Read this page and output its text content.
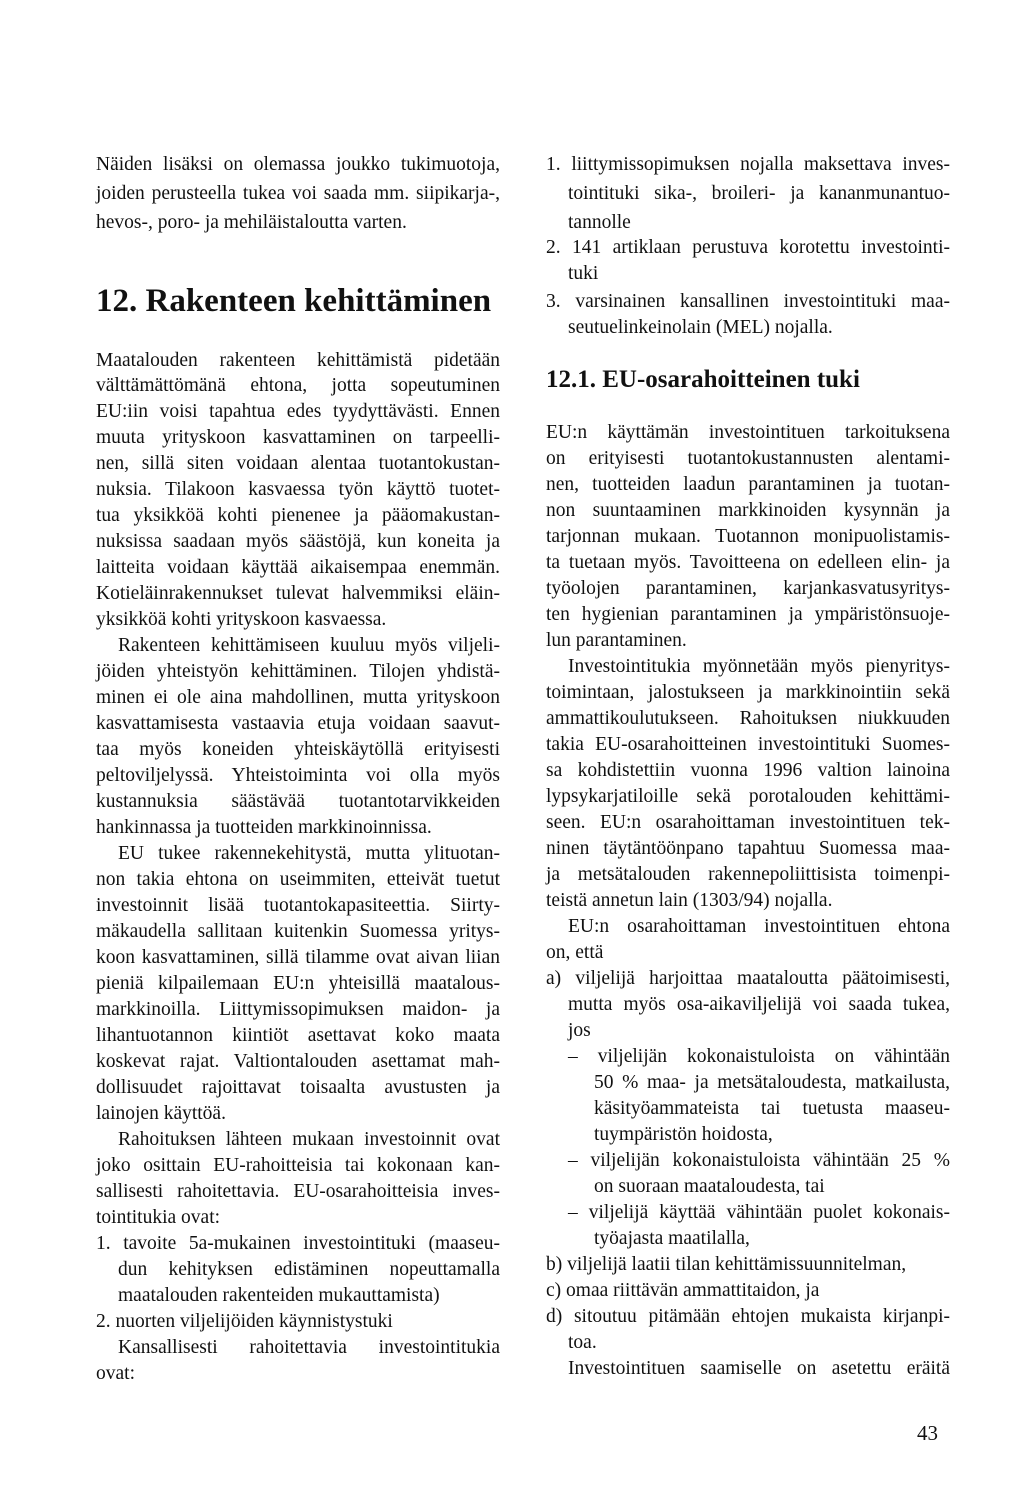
Näiden lisäksi on olemassa joukko tukimuotoja,
joiden perusteella tukea voi saada mm. siipikarja-,
hevos-, poro- ja mehiläistaloutta varten.
12. Rakenteen kehittäminen
Maatalouden rakenteen kehittämistä pidetään
välttämättömänä ehtona, jotta sopeutuminen
EU:iin voisi tapahtua edes tyydyttävästi. Ennen
muuta yrityskoon kasvattaminen on tarpeelli-
nen, sillä siten voidaan alentaa tuotantokustan-
nuksia. Tilakoon kasvaessa työn käyttö tuotet-
tua yksikköä kohti pienenee ja pääomakustan-
nuksissa saadaan myös säästöjä, kun koneita ja
laitteita voidaan käyttää aikaisempaa enemmän.
Kotieläinrakennukset tulevat halvemmiksi eläin-
yksikköä kohti yrityskoon kasvaessa.
Rakenteen kehittämiseen kuuluu myös viljeli-
jöiden yhteistyön kehittäminen. Tilojen yhdistä-
minen ei ole aina mahdollinen, mutta yrityskoon
kasvattamisesta vastaavia etuja voidaan saavut-
taa myös koneiden yhteiskäytöllä erityisesti
peltoviljelyssä. Yhteistoiminta voi olla myös
kustannuksia säästävää tuotantotarvikkeiden
hankinnassa ja tuotteiden markkinoinnissa.
EU tukee rakennekehitystä, mutta ylituotan-
non takia ehtona on useimmiten, etteivät tuetut
investoinnit lisää tuotantokapasiteettia. Siirty-
mäkaudella sallitaan kuitenkin Suomessa yritys-
koon kasvattaminen, sillä tilamme ovat aivan liian
pieniä kilpailemaan EU:n yhteisillä maatalous-
markkinoilla. Liittymissopimuksen maidon- ja
lihantuotannon kiintiöt asettavat koko maata
koskevat rajat. Valtiontalouden asettamat mah-
dollisuudet rajoittavat toisaalta avustusten ja
lainojen käyttöä.
Rahoituksen lähteen mukaan investoinnit ovat
joko osittain EU-rahoitteisia tai kokonaan kan-
sallisesti rahoitettavia. EU-osarahoitteisia inves-
tointitukia ovat:
1. tavoite 5a-mukainen investointituki (maaseu-
dun kehityksen edistäminen nopeuttamalla
maatalouden rakenteiden mukauttamista)
2. nuorten viljelijöiden käynnistystuki
Kansallisesti rahoitettavia investointitukia
ovat:
1. liittymissopimuksen nojalla maksettava inves-
tointituki sika-, broileri- ja kananmunantuo-
tannolle
2. 141 artiklaan perustuva korotettu investointi-
tuki
3. varsinainen kansallinen investointituki maa-
seutuelinkeinolain (MEL) nojalla.
12.1. EU-osarahoitteinen tuki
EU:n käyttämän investointituen tarkoituksena
on erityisesti tuotantokustannusten alentami-
nen, tuotteiden laadun parantaminen ja tuotan-
non suuntaaminen markkinoiden kysynnän ja
tarjonnan mukaan. Tuotannon monipuolistamis-
ta tuetaan myös. Tavoitteena on edelleen elin- ja
työolojen parantaminen, karjankasvatusyritys-
ten hygienian parantaminen ja ympäristönsuoje-
lun parantaminen.
Investointitukia myönnetään myös pienyritys-
toimintaan, jalostukseen ja markkinointiin sekä
ammattikoulutukseen. Rahoituksen niukkuuden
takia EU-osarahoitteinen investointituki Suomes-
sa kohdistettiin vuonna 1996 valtion lainoina
lypsykarjatiloille sekä porotalouden kehittämi-
seen. EU:n osarahoittaman investointituen tek-
ninen täytäntöönpano tapahtuu Suomessa maa-
ja metsätalouden rakennepoliittisista toimenpi-
teistä annetun lain (1303/94) nojalla.
EU:n osarahoittaman investointituen ehtona
on, että
a) viljelijä harjoittaa maataloutta päätoimisesti,
mutta myös osa-aikaviljelijä voi saada tukea,
jos
– viljelijän kokonaistuloista on vähintään
50 % maa- ja metsätaloudesta, matkailusta,
käsityöammateista tai tuetusta maaseu-
tuympäristön hoidosta,
– viljelijän kokonaistuloista vähintään 25 %
on suoraan maataloudesta, tai
– viljelijä käyttää vähintään puolet kokonais-
työajasta maatilalla,
b) viljelijä laatii tilan kehittämissuunnitelman,
c) omaa riittävän ammattitaidon, ja
d) sitoutuu pitämään ehtojen mukaista kirjanpi-
toa.
Investointituen saamiselle on asetettu eräitä
43
